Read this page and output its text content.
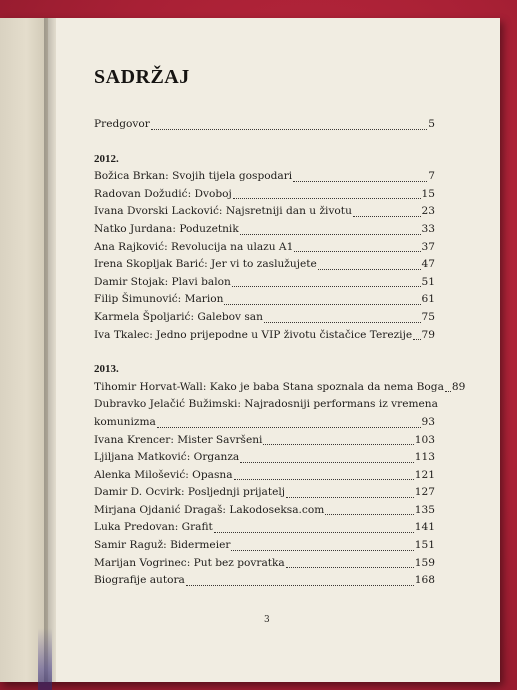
SADRŽAJ
Predgovor	5
2012.
Božica Brkan: Svojih tijela gospodari	7
Radovan Dožudić: Dvoboj	15
Ivana Dvorski Lacković: Najsretniji dan u životu	23
Natko Jurdana: Poduzetnik	33
Ana Rajković: Revolucija na ulazu A1	37
Irena Skopljak Barić: Jer vi to zaslužujete	47
Damir Stojak: Plavi balon	51
Filip Šimunović: Marion	61
Karmela Špoljarić: Galebov san	75
Iva Tkalec: Jedno prijepodne u VIP životu čistačice Terezije 79
2013.
Tihomir Horvat-Wall: Kako je baba Stana spoznala da nema Boga 89
Dubravko Jelačić Bužimski: Najradosniji performans iz vremena
komunizma	93
Ivana Krencer: Mister Savršeni	103
Ljiljana Matković: Organza	113
Alenka Milošević: Opasna	121
Damir D. Ocvirk: Posljednji prijatelj	127
Mirjana Ojdanić Dragaš: Lakodoseksa.com	135
Luka Predovan: Grafit	141
Samir Raguž: Bidermeier	151
Marijan Vogrinec: Put bez povratka	159
Biografije autora	168
3
